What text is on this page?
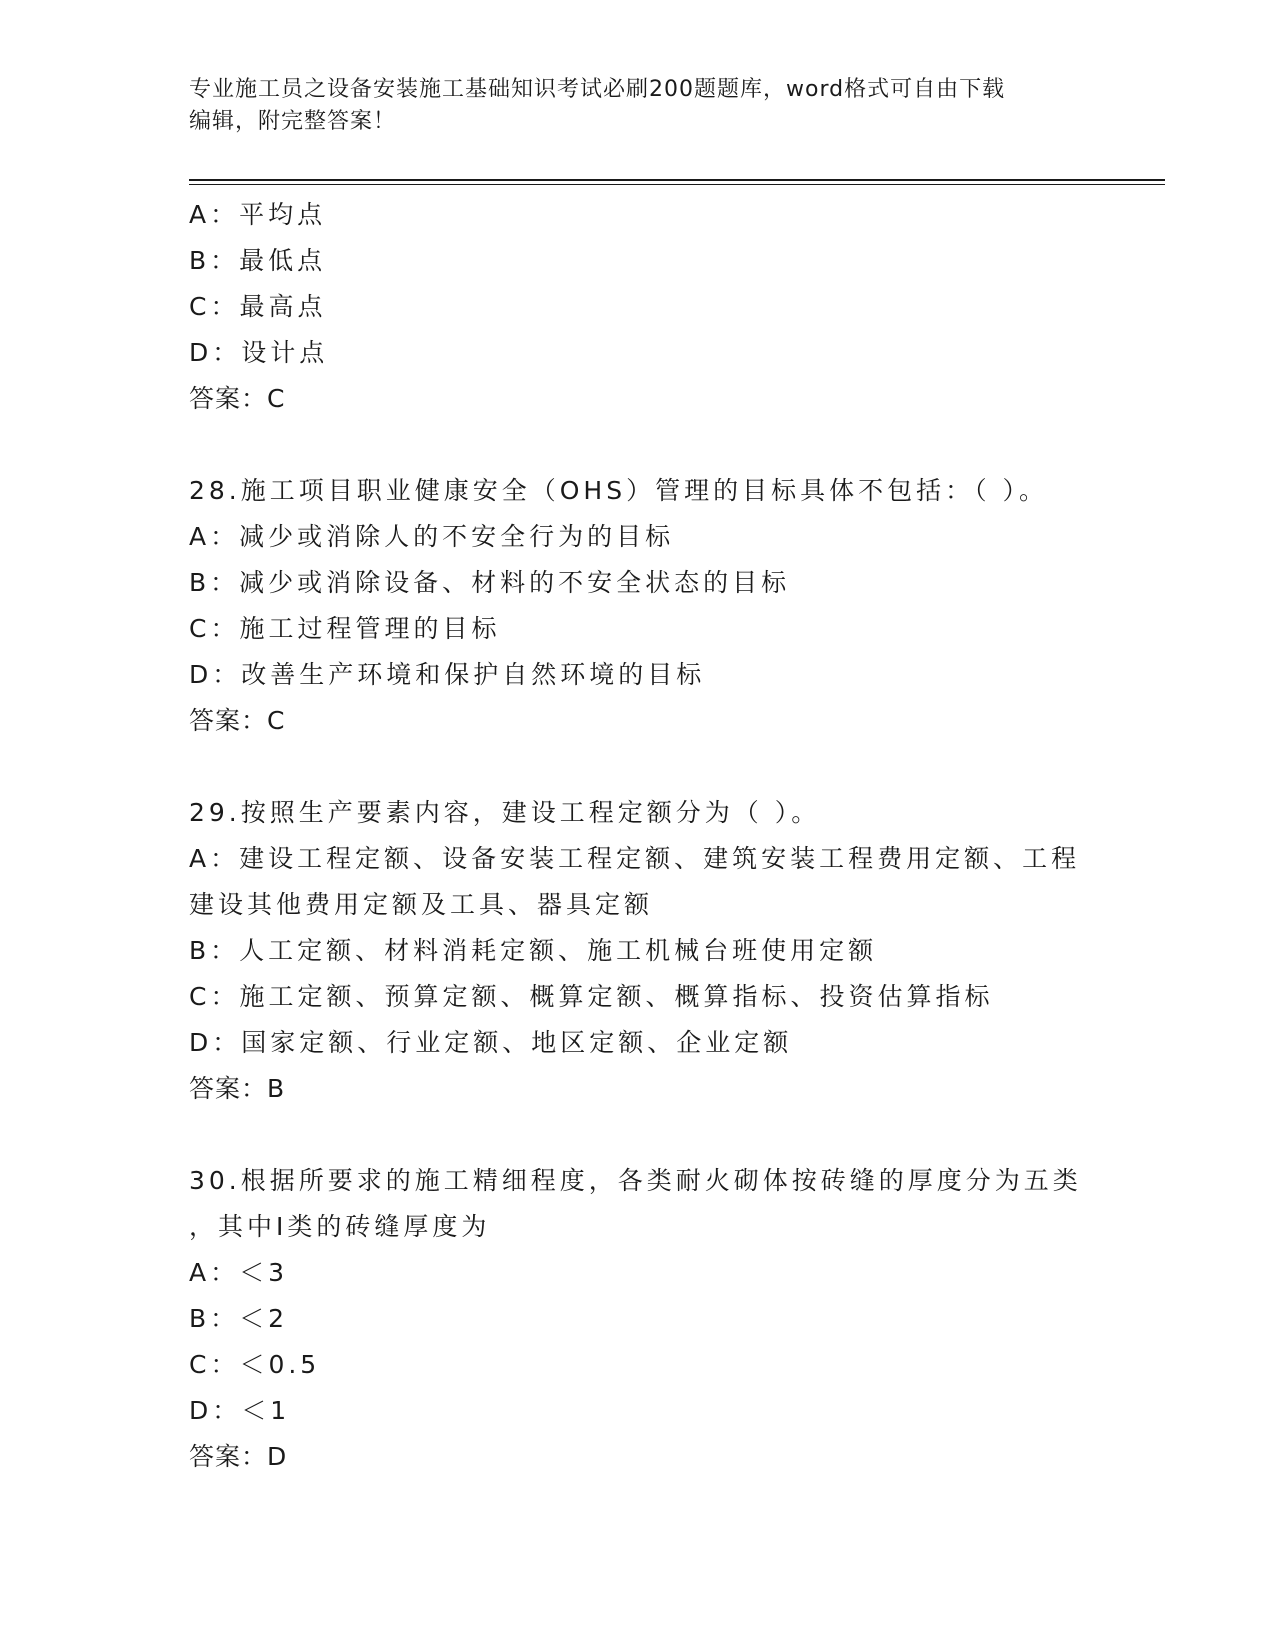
专业施工员之设备安装施工基础知识考试必刷200题题库，word格式可自由下载
编辑，附完整答案！
A：平均点
B：最低点
C：最高点
D：设计点
答案：C
28.施工项目职业健康安全（OHS）管理的目标具体不包括：（ ）。
A：减少或消除人的不安全行为的目标
B：减少或消除设备、材料的不安全状态的目标
C：施工过程管理的目标
D：改善生产环境和保护自然环境的目标
答案：C
29.按照生产要素内容，建设工程定额分为（ ）。
A：建设工程定额、设备安装工程定额、建筑安装工程费用定额、工程
建设其他费用定额及工具、器具定额
B：人工定额、材料消耗定额、施工机械台班使用定额
C：施工定额、预算定额、概算定额、概算指标、投资估算指标
D：国家定额、行业定额、地区定额、企业定额
答案：B
30.根据所要求的施工精细程度，各类耐火砌体按砖缝的厚度分为五类
，其中Ⅰ类的砖缝厚度为
A：＜3
B：＜2
C：＜0.5
D：＜1
答案：D
